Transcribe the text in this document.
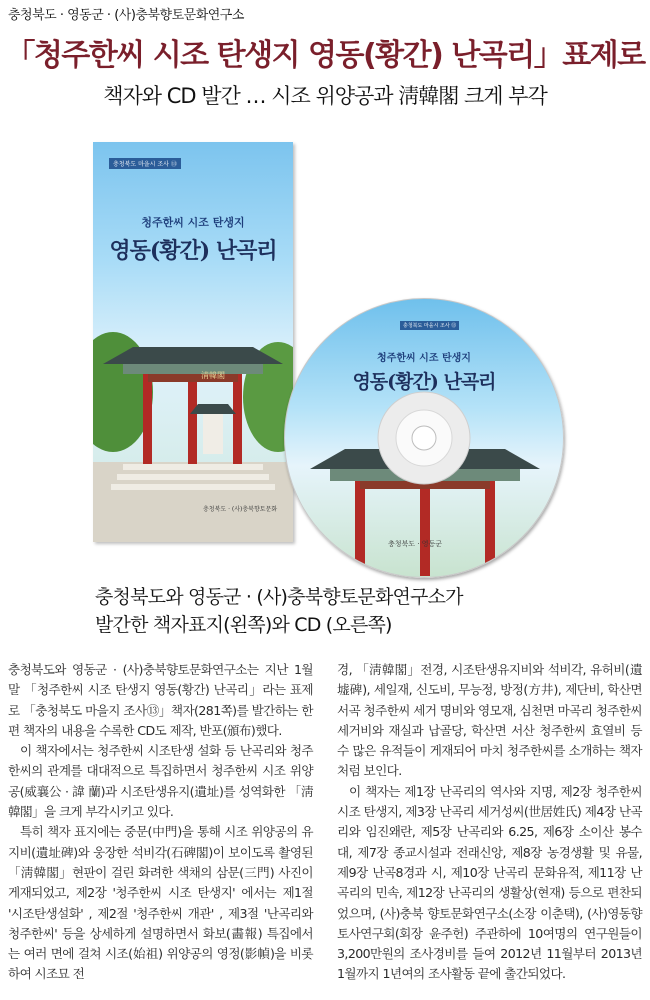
충청북도 · 영동군 · (사)충북향토문화연구소
「청주한씨 시조 탄생지 영동(황간) 난곡리」표제로
책자와 CD 발간 … 시조 위양공과 淸韓閣 크게 부각
충청북도 마을시 조사 ⑬
청주한씨 시조 탄생지
영동(황간) 난곡리
淸韓閣
충청북도 · (사)충북향토문화
충청북도 마을시 조사 ⑬
청주한씨 시조 탄생지
영동(황간) 난곡리
충청북도 · 영동군
충청북도와 영동군 · (사)충북향토문화연구소가
발간한 책자표지(왼쪽)와 CD (오른쪽)

충청북도와 영동군 · (사)충북향토문화연구소는 지난 1월 말 「청주한씨 시조 탄생지 영동(황간) 난곡리」라는 표제로 「충청북도 마을지 조사⑬」책자(281쪽)를 발간하는 한편 책자의 내용을 수록한 CD도 제작, 반포(頒布)했다.

이 책자에서는 청주한씨 시조탄생 설화 등 난곡리와 청주한씨의 관계를 대대적으로 특집하면서 청주한씨 시조 위양공(威襄公 · 諱 蘭)과 시조탄생유지(遺址)를 성역화한 「淸韓閣」을 크게 부각시키고 있다.

특히 책자 표지에는 중문(中門)을 통해 시조 위양공의 유지비(遺址碑)와 웅장한 석비각(石碑閣)이 보이도록 촬영된 「淸韓閣」현판이 걸린 화려한 색채의 삼문(三門) 사진이 게재되었고, 제2장 '청주한씨 시조 탄생지' 에서는 제1절 '시조탄생설화' , 제2절 '청주한씨 개관' , 제3절 '난곡리와 청주한씨' 등을 상세하게 설명하면서 화보(畵報) 특집에서는 여러 면에 걸쳐 시조(始祖) 위양공의 영정(影幀)을 비롯하여 시조묘 전

경, 「淸韓閣」전경, 시조탄생유지비와 석비각, 유허비(遺墟碑), 세일재, 신도비, 무능정, 방정(方井), 제단비, 학산면 서곡 청주한씨 세거 명비와 영모재, 심천면 마곡리 청주한씨 세거비와 재실과 납골당, 학산면 서산 청주한씨 효열비 등 수 많은 유적들이 게재되어 마치 청주한씨를 소개하는 책자처럼 보인다.

이 책자는 제1장 난곡리의 역사와 지명, 제2장 청주한씨 시조 탄생지, 제3장 난곡리 세거성씨(世居姓氏) 제4장 난곡리와 임진왜란, 제5장 난곡리와 6.25, 제6장 소이산 봉수대, 제7장 종교시설과 전래신앙, 제8장 농경생활 및 유물, 제9장 난곡8경과 시, 제10장 난곡리 문화유적, 제11장 난곡리의 민속, 제12장 난곡리의 생활상(현재) 등으로 편찬되었으며, (사)충북 향토문화연구소(소장 이춘택), (사)영동향토사연구회(회장 윤주헌) 주관하에 10여명의 연구원들이 3,200만원의 조사경비를 들여 2012년 11월부터 2013년1월까지 1년여의 조사활동 끝에 출간되었다.
